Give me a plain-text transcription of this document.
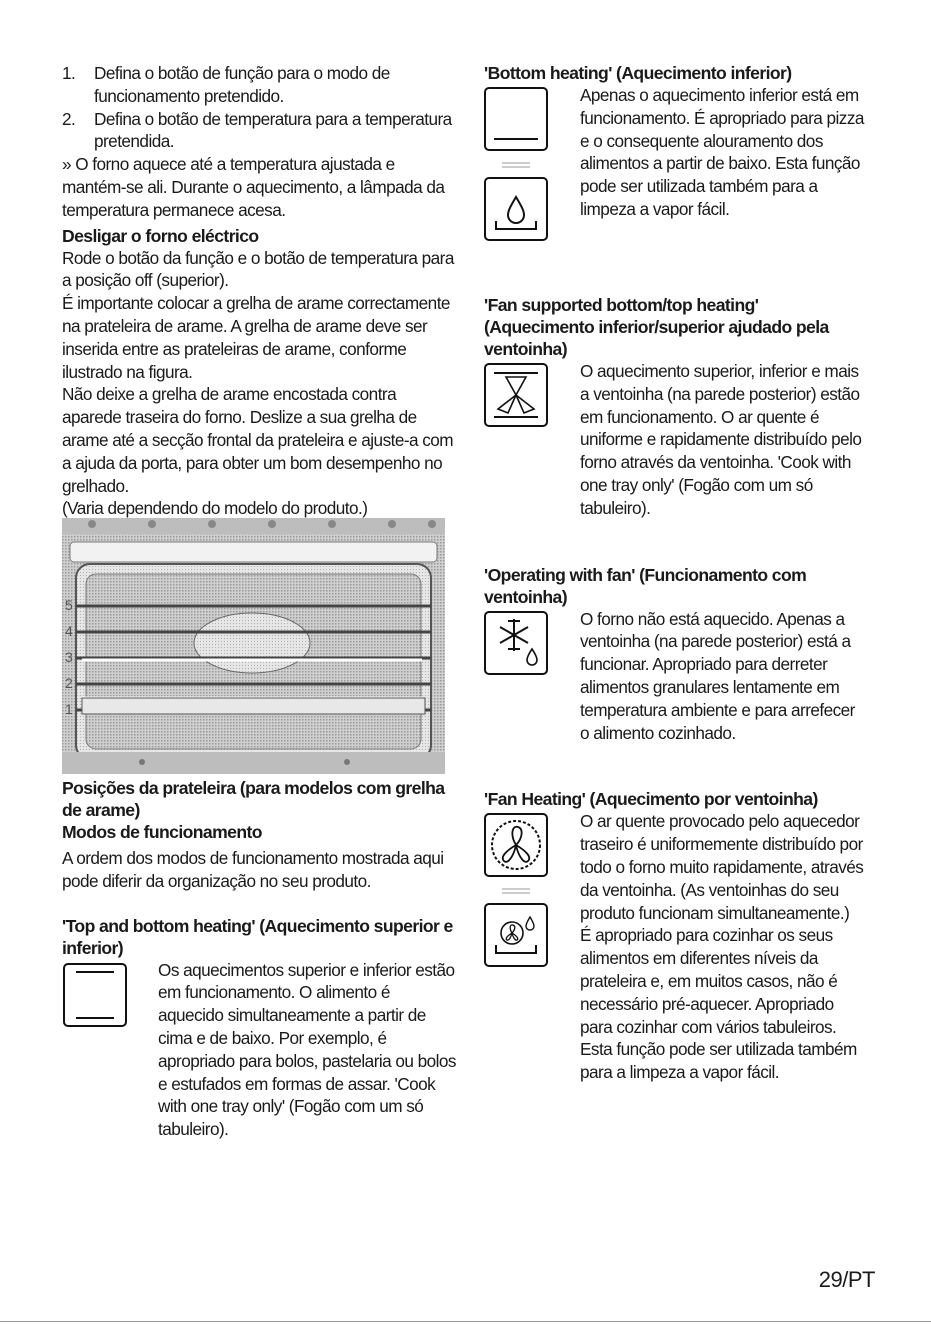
1. Defina o botão de função para o modo de funcionamento pretendido.
2. Defina o botão de temperatura para a temperatura pretendida.

» O forno aquece até a temperatura ajustada e mantém-se ali. Durante o aquecimento, a lâmpada da temperatura permanece acesa.

Desligar o forno eléctrico

Rode o botão da função e o botão de temperatura para a posição off (superior).

É importante colocar a grelha de arame correctamente na prateleira de arame. A grelha de arame deve ser inserida entre as prateleiras de arame, conforme ilustrado na figura.

Não deixe a grelha de arame encostada contra aparede traseira do forno. Deslize a sua grelha de arame até a secção frontal da prateleira e ajuste-a com a ajuda da porta, para obter um bom desempenho no grelhado.

(Varia dependendo do modelo do produto.)

5
4
3
2
1
Posições da prateleira (para modelos com grelha de arame)
Modos de funcionamento

A ordem dos modos de funcionamento mostrada aqui pode diferir da organização no seu produto.

'Top and bottom heating' (Aquecimento superior e inferior)

Os aquecimentos superior e inferior estão em funcionamento. O alimento é aquecido simultaneamente a partir de cima e de baixo. Por exemplo, é apropriado para bolos, pastelaria ou bolos e estufados em formas de assar. 'Cook with one tray only' (Fogão com um só tabuleiro).

'Bottom heating' (Aquecimento inferior)

Apenas o aquecimento inferior está em funcionamento. É apropriado para pizza e o consequente alouramento dos alimentos a partir de baixo. Esta função pode ser utilizada também para a limpeza a vapor fácil.

'Fan supported bottom/top heating' (Aquecimento inferior/superior ajudado pela ventoinha)

O aquecimento superior, inferior e mais a ventoinha (na parede posterior) estão em funcionamento. O ar quente é uniforme e rapidamente distribuído pelo forno através da ventoinha. 'Cook with one tray only' (Fogão com um só tabuleiro).

'Operating with fan' (Funcionamento com ventoinha)

O forno não está aquecido. Apenas a ventoinha (na parede posterior) está a funcionar. Apropriado para derreter alimentos granulares lentamente em temperatura ambiente e para arrefecer o alimento cozinhado.

'Fan Heating' (Aquecimento por ventoinha)

O ar quente provocado pelo aquecedor traseiro é uniformemente distribuído por todo o forno muito rapidamente, através da ventoinha. (As ventoinhas do seu produto funcionam simultaneamente.)

É apropriado para cozinhar os seus alimentos em diferentes níveis da prateleira e, em muitos casos, não é necessário pré-aquecer. Apropriado para cozinhar com vários tabuleiros. Esta função pode ser utilizada também para a limpeza a vapor fácil.

29/PT
